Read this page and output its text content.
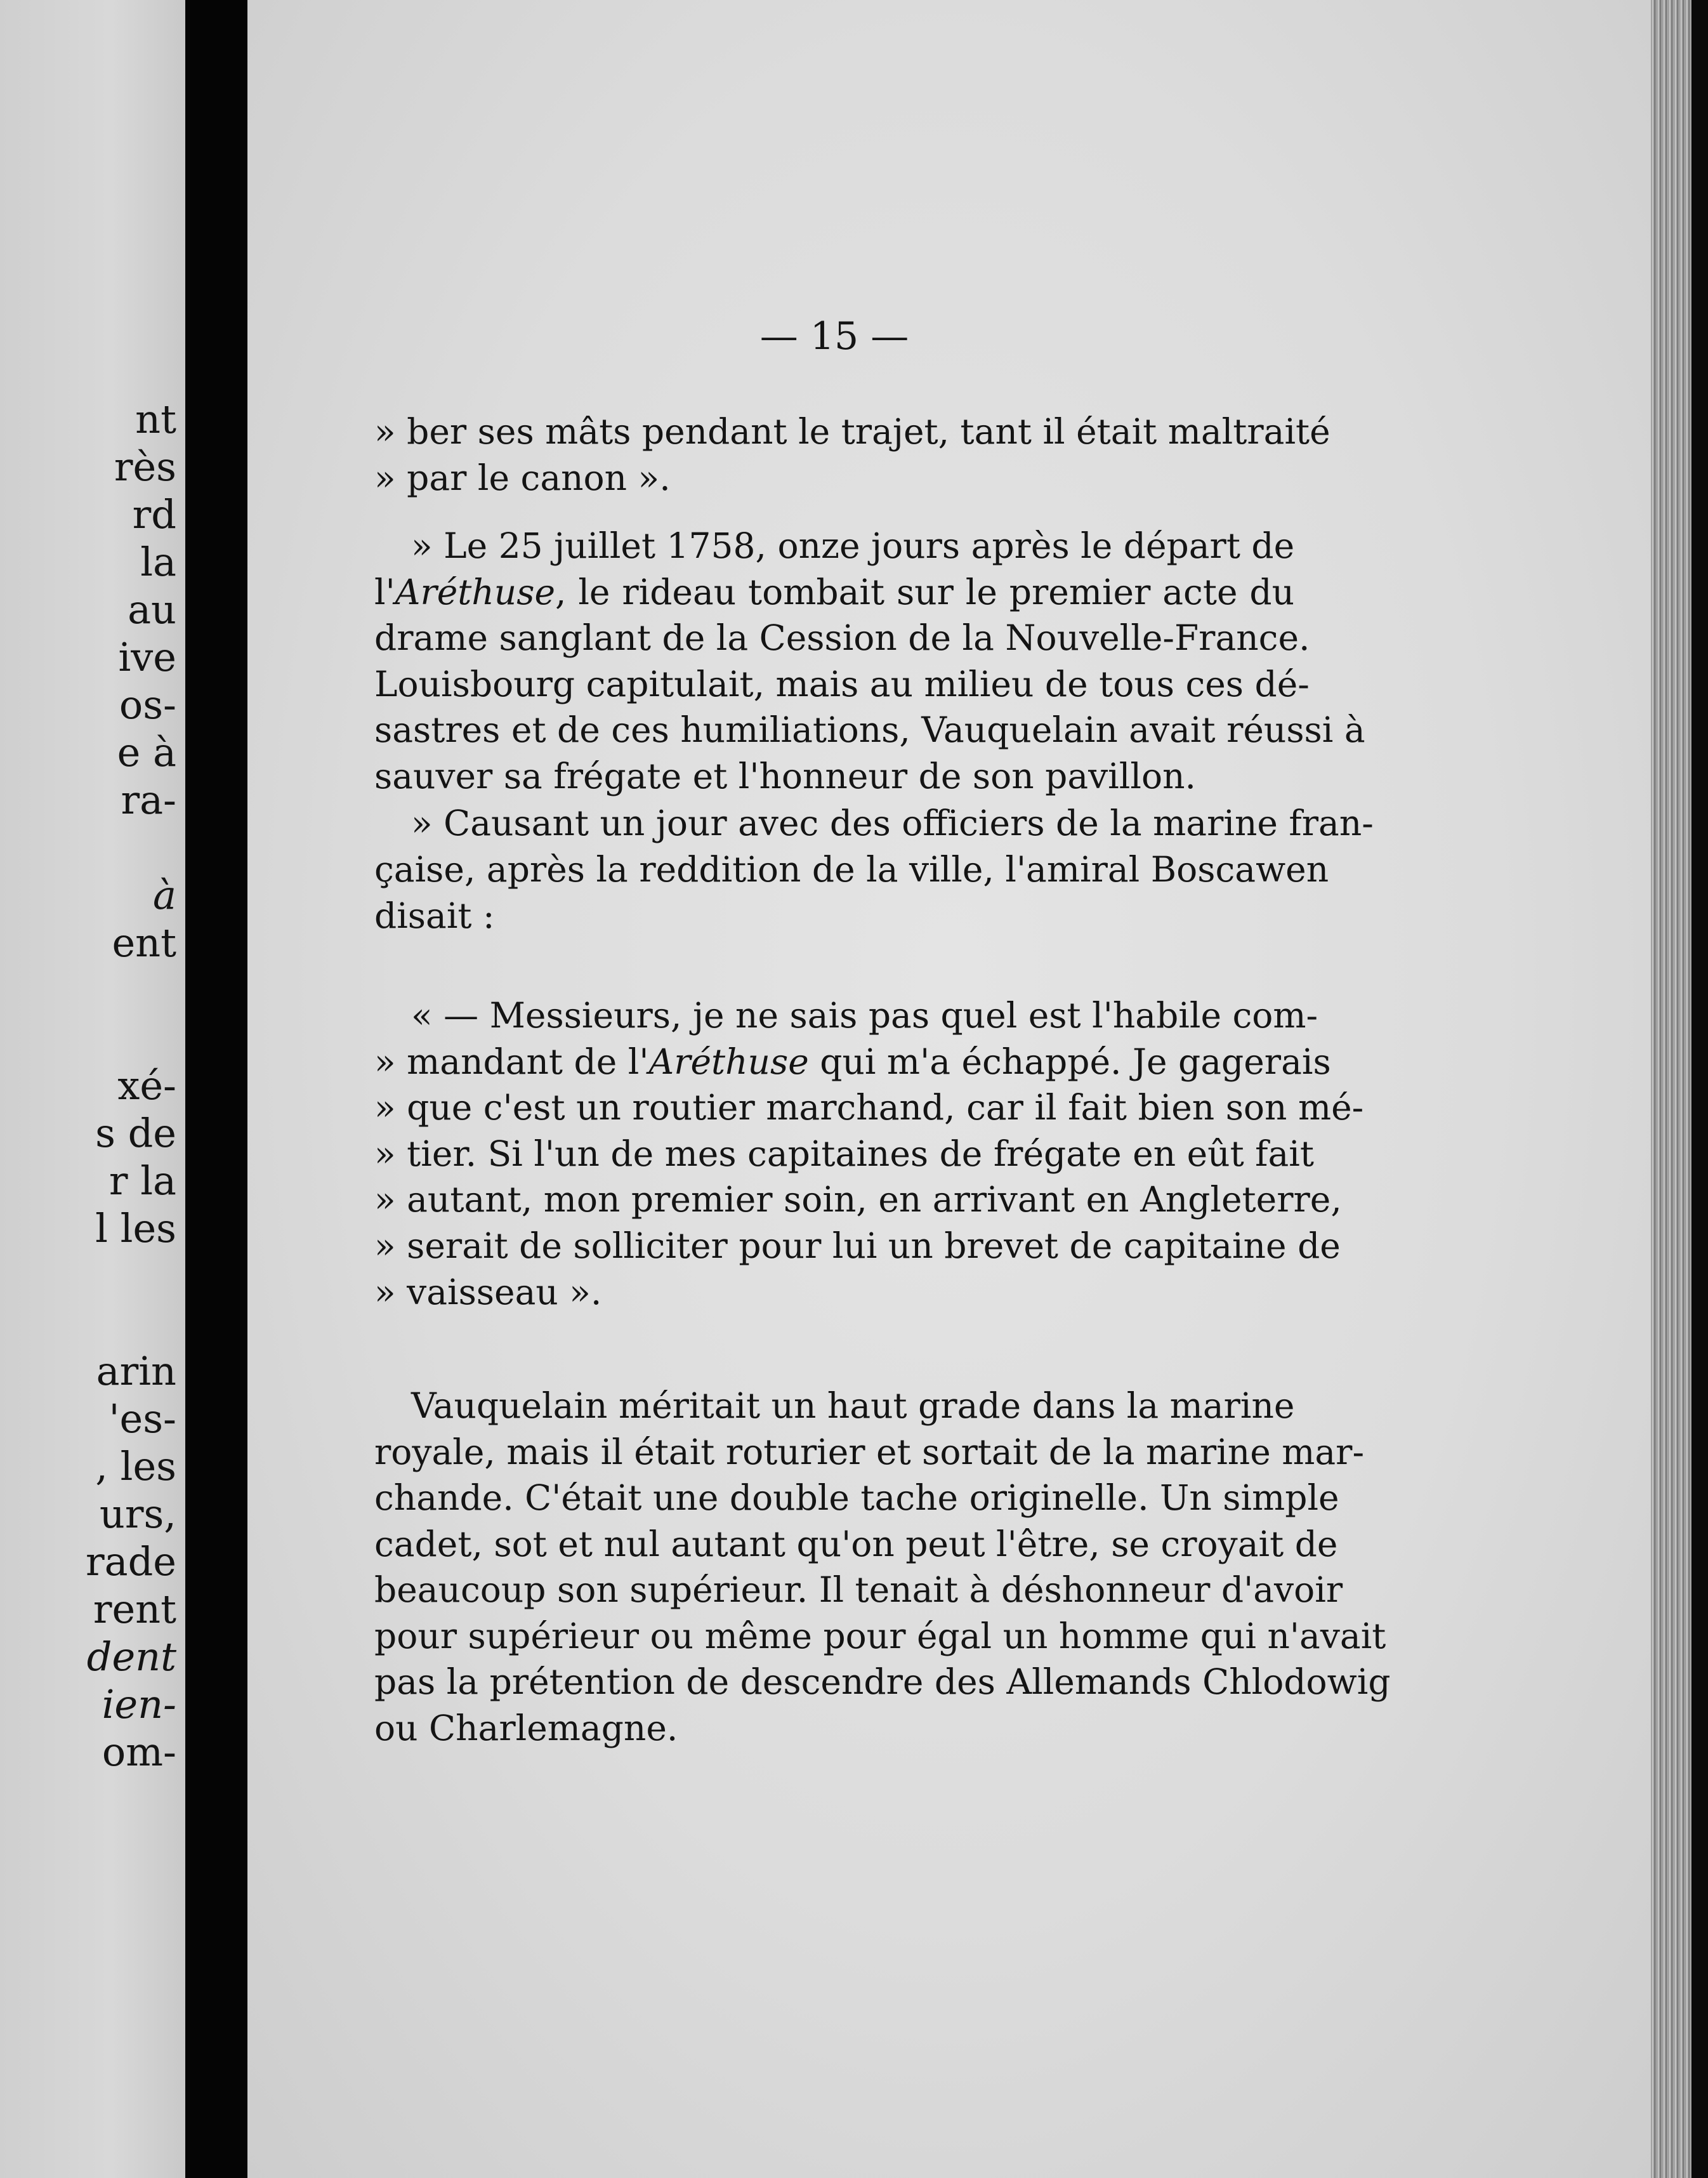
nt
rès
rd
la
au
ive
os-
e à
ra-
à
ent
xé-
s de
r la
l les
arin
'es-
, les
urs,
rade
rent
dent
ien-
om-
— 15 —
» ber ses mâts pendant le trajet, tant il était maltraité
» par le canon ».
» Le 25 juillet 1758, onze jours après le départ de
l'Aréthuse, le rideau tombait sur le premier acte du
drame sanglant de la Cession de la Nouvelle-France.
Louisbourg capitulait, mais au milieu de tous ces dé-
sastres et de ces humiliations, Vauquelain avait réussi à
sauver sa frégate et l'honneur de son pavillon.
» Causant un jour avec des officiers de la marine fran-
çaise, après la reddition de la ville, l'amiral Boscawen
disait :
« — Messieurs, je ne sais pas quel est l'habile com-
» mandant de l'Aréthuse qui m'a échappé. Je gagerais
» que c'est un routier marchand, car il fait bien son mé-
» tier. Si l'un de mes capitaines de frégate en eût fait
» autant, mon premier soin, en arrivant en Angleterre,
» serait de solliciter pour lui un brevet de capitaine de
» vaisseau ».
Vauquelain méritait un haut grade dans la marine
royale, mais il était roturier et sortait de la marine mar-
chande. C'était une double tache originelle. Un simple
cadet, sot et nul autant qu'on peut l'être, se croyait de
beaucoup son supérieur. Il tenait à déshonneur d'avoir
pour supérieur ou même pour égal un homme qui n'avait
pas la prétention de descendre des Allemands Chlodowig
ou Charlemagne.
